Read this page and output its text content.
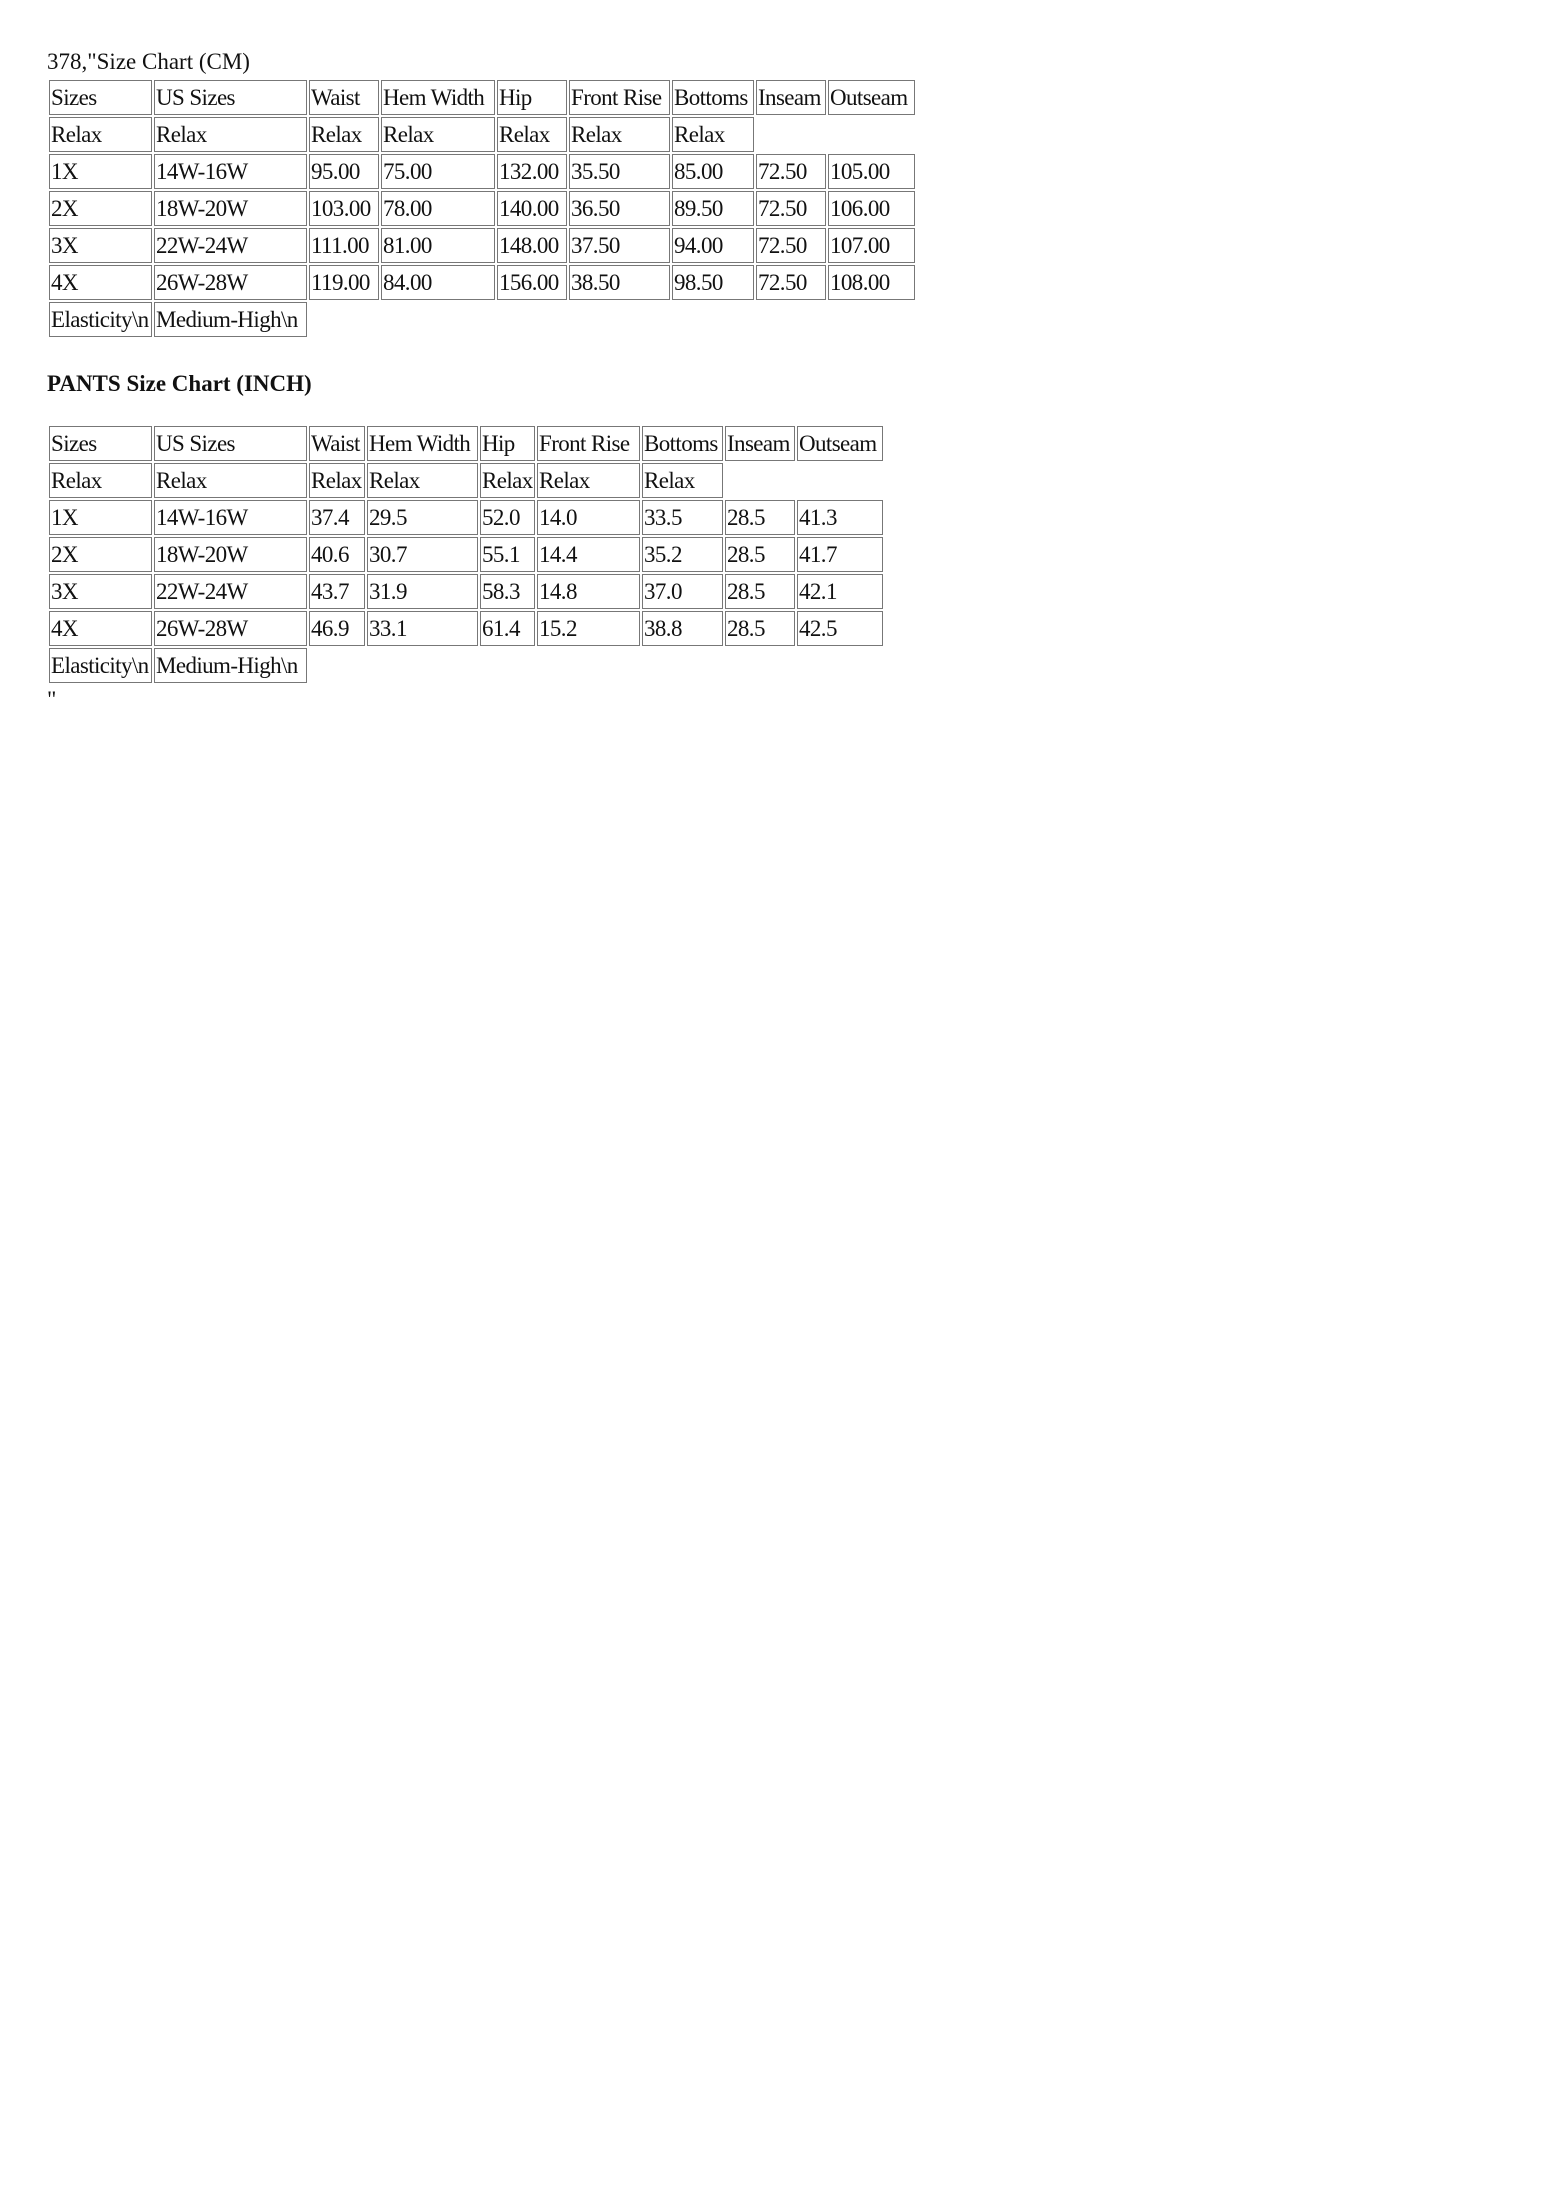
378,"Size Chart (CM)
Sizes	US Sizes	Waist	Hem Width	Hip	Front Rise	Bottoms	Inseam	Outseam
Relax	Relax	Relax	Relax	Relax	Relax	Relax		
1X	14W-16W	95.00	75.00	132.00	35.50	85.00	72.50	105.00
2X	18W-20W	103.00	78.00	140.00	36.50	89.50	72.50	106.00
3X	22W-24W	111.00	81.00	148.00	37.50	94.00	72.50	107.00
4X	26W-28W	119.00	84.00	156.00	38.50	98.50	72.50	108.00
Elasticity\n	Medium-High\n							
PANTS Size Chart (INCH)
Sizes	US Sizes	Waist	Hem Width	Hip	Front Rise	Bottoms	Inseam	Outseam
Relax	Relax	Relax	Relax	Relax	Relax	Relax		
1X	14W-16W	37.4	29.5	52.0	14.0	33.5	28.5	41.3
2X	18W-20W	40.6	30.7	55.1	14.4	35.2	28.5	41.7
3X	22W-24W	43.7	31.9	58.3	14.8	37.0	28.5	42.1
4X	26W-28W	46.9	33.1	61.4	15.2	38.8	28.5	42.5
Elasticity\n	Medium-High\n							
"
